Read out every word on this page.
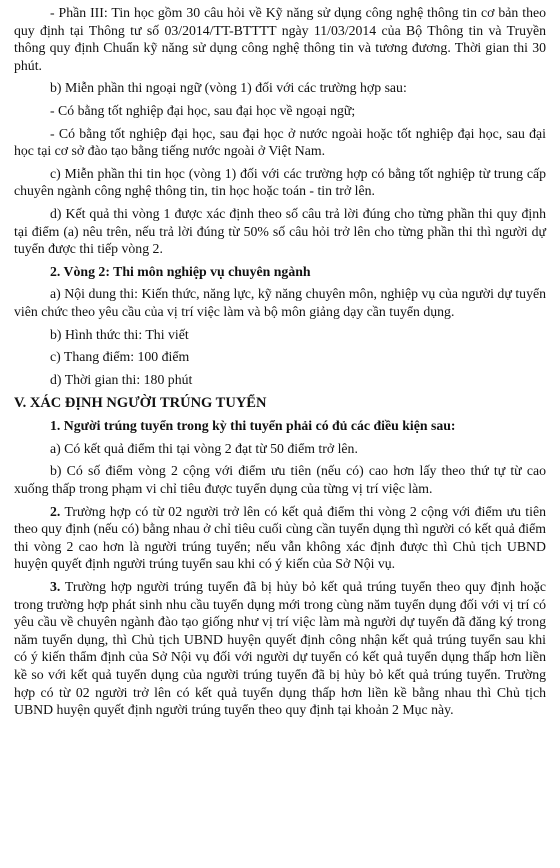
- Phần III: Tin học gồm 30 câu hỏi về Kỹ năng sử dụng công nghệ thông tin cơ bản theo quy định tại Thông tư số 03/2014/TT-BTTTT ngày 11/03/2014 của Bộ Thông tin và Truyền thông quy định Chuẩn kỹ năng sử dụng công nghệ thông tin và tương đương. Thời gian thi 30 phút.

b) Miễn phần thi ngoại ngữ (vòng 1) đối với các trường hợp sau:

- Có bằng tốt nghiệp đại học, sau đại học về ngoại ngữ;

- Có bằng tốt nghiệp đại học, sau đại học ở nước ngoài hoặc tốt nghiệp đại học, sau đại học tại cơ sở đào tạo bằng tiếng nước ngoài ở Việt Nam.

c) Miễn phần thi tin học (vòng 1) đối với các trường hợp có bằng tốt nghiệp từ trung cấp chuyên ngành công nghệ thông tin, tin học hoặc toán - tin trở lên.

d) Kết quả thi vòng 1 được xác định theo số câu trả lời đúng cho từng phần thi quy định tại điểm (a) nêu trên, nếu trả lời đúng từ 50% số câu hỏi trở lên cho từng phần thi thì người dự tuyển được thi tiếp vòng 2.

2. Vòng 2: Thi môn nghiệp vụ chuyên ngành

a) Nội dung thi: Kiến thức, năng lực, kỹ năng chuyên môn, nghiệp vụ của người dự tuyển viên chức theo yêu cầu của vị trí việc làm và bộ môn giảng dạy cần tuyển dụng.

b) Hình thức thi: Thi viết

c) Thang điểm: 100 điểm

d) Thời gian thi: 180 phút

V. XÁC ĐỊNH NGƯỜI TRÚNG TUYỂN

1. Người trúng tuyển trong kỳ thi tuyển phải có đủ các điều kiện sau:

a) Có kết quả điểm thi tại vòng 2 đạt từ 50 điểm trở lên.

b) Có số điểm vòng 2 cộng với điểm ưu tiên (nếu có) cao hơn lấy theo thứ tự từ cao xuống thấp trong phạm vi chỉ tiêu được tuyển dụng của từng vị trí việc làm.

2. Trường hợp có từ 02 người trở lên có kết quả điểm thi vòng 2 cộng với điểm ưu tiên theo quy định (nếu có) bằng nhau ở chỉ tiêu cuối cùng cần tuyển dụng thì người có kết quả điểm thi vòng 2 cao hơn là người trúng tuyển; nếu vẫn không xác định được thì Chủ tịch UBND huyện quyết định người trúng tuyển sau khi có ý kiến của Sở Nội vụ.

3. Trường hợp người trúng tuyển đã bị hủy bỏ kết quả trúng tuyển theo quy định hoặc trong trường hợp phát sinh nhu cầu tuyển dụng mới trong cùng năm tuyển dụng đối với vị trí có yêu cầu về chuyên ngành đào tạo giống như vị trí việc làm mà người dự tuyển đã đăng ký trong năm tuyển dụng, thì Chủ tịch UBND huyện quyết định công nhận kết quả trúng tuyển sau khi có ý kiến thẩm định của Sở Nội vụ đối với người dự tuyển có kết quả tuyển dụng thấp hơn liền kề so với kết quả tuyển dụng của người trúng tuyển đã bị hủy bỏ kết quả trúng tuyển. Trường hợp có từ 02 người trở lên có kết quả tuyển dụng thấp hơn liền kề bằng nhau thì Chủ tịch UBND huyện quyết định người trúng tuyển theo quy định tại khoản 2 Mục này.
